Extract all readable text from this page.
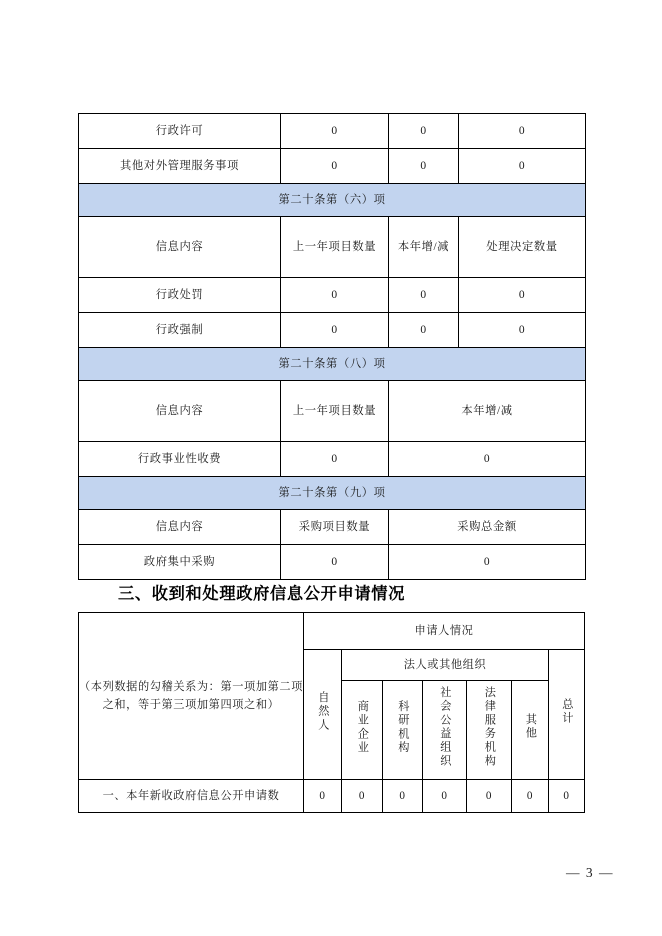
行政许可	0	0	0
其他对外管理服务事项	0	0	0
第二十条第（六）项			
信息内容	上一年项目数量	本年增/减	处理决定数量
行政处罚	0	0	0
行政强制	0	0	0
第二十条第（八）项			
信息内容	上一年项目数量	本年增/减	
行政事业性收费	0	0	
第二十条第（九）项			
信息内容	采购项目数量	采购总金额	
政府集中采购	0	0	
三、收到和处理政府信息公开申请情况
（本列数据的勾稽关系为：第一项加第二项之和，等于第三项加第四项之和）	申请人情况						
	自然人	法人或其他组织					总计
		商业企业	科研机构	社会公益组织	法律服务机构	其他	
一、本年新收政府信息公开申请数	0	0	0	0	0	0	0
— 3 —
